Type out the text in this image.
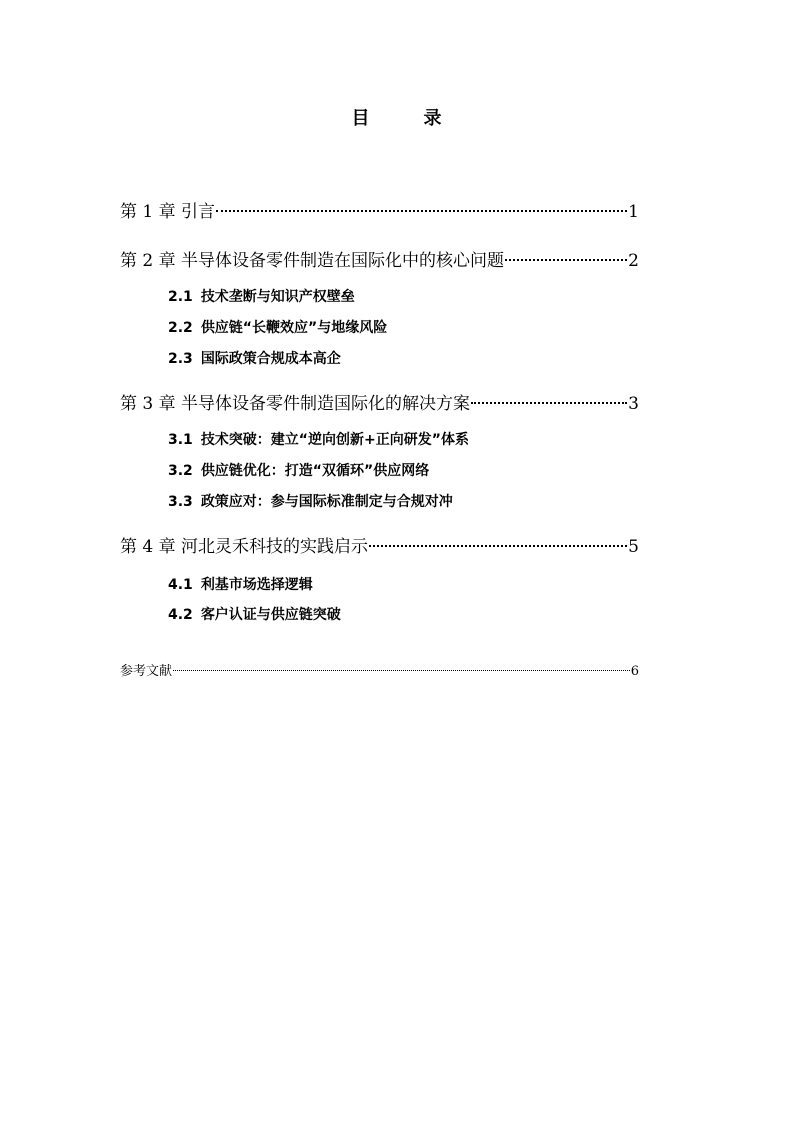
目　录
第 1 章 引言	1
第 2 章 半导体设备零件制造在国际化中的核心问题	2
2.1 技术垄断与知识产权壁垒
2.2 供应链“长鞭效应”与地缘风险
2.3 国际政策合规成本高企
第 3 章 半导体设备零件制造国际化的解决方案	3
3.1 技术突破：建立“逆向创新+正向研发”体系
3.2 供应链优化：打造“双循环”供应网络
3.3 政策应对：参与国际标准制定与合规对冲
第 4 章 河北灵禾科技的实践启示	5
4.1 利基市场选择逻辑
4.2 客户认证与供应链突破
参考文献	6
